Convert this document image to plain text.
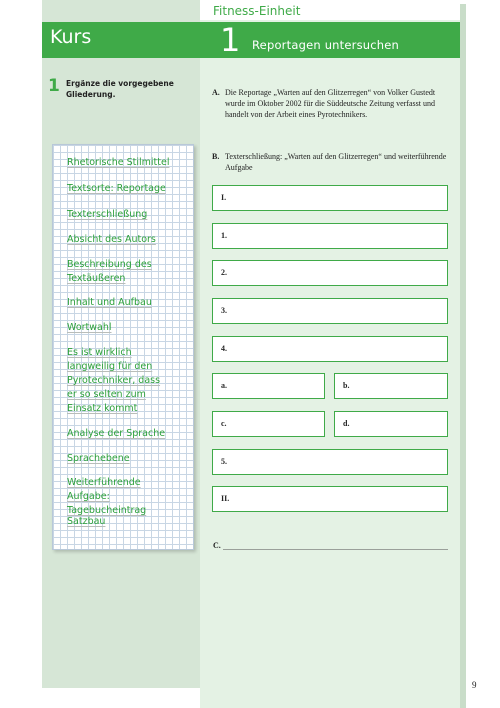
Kurs
1 Ergänze die vorgegebene Gliederung.
Rhetorische Stilmittel
Textsorte: Reportage
Texterschließung
Absicht des Autors
Beschreibung des Textäußeren
Inhalt und Aufbau
Wortwahl
Es ist wirklich langweilig für den Pyrotechniker, dass er so selten zum Einsatz kommt
Analyse der Sprache
Sprachebene
Weiterführende Aufgabe: Tagebucheintrag
Satzbau
Fitness-Einheit
1 Reportagen untersuchen
A. Die Reportage „Warten auf den Glitzerregen“ von Volker Gustedt wurde im Oktober 2002 für die Süddeutsche Zeitung verfasst und handelt von der Arbeit eines Pyrotechnikers.
B. Texterschließung: „Warten auf den Glitzerregen“ und weiterführende Aufgabe
I.
1.
2.
3.
4.
a.	b.
c.	d.
5.
II.
C.
9
